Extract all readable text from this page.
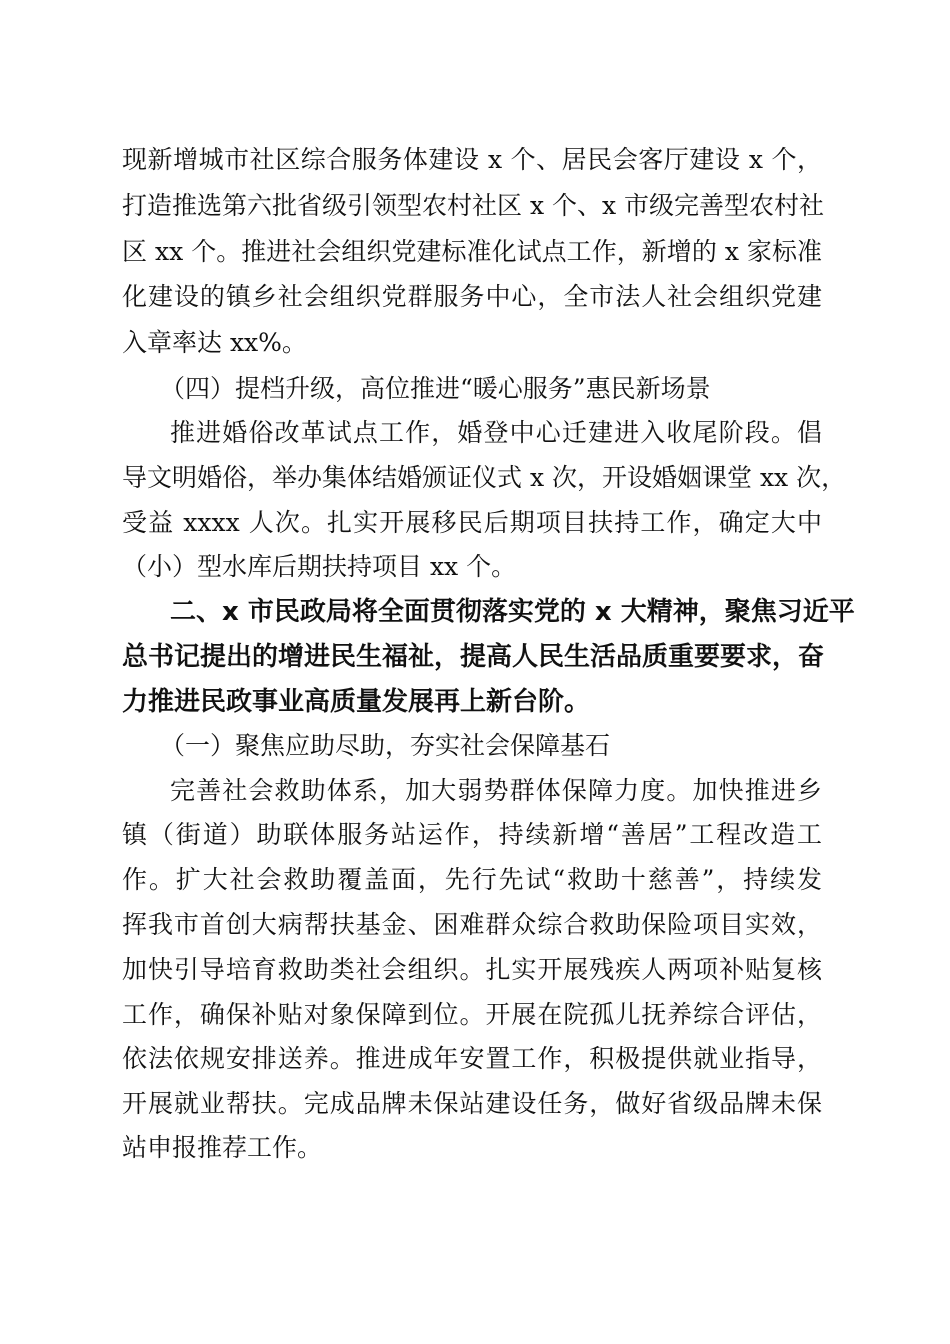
现新增城市社区综合服务体建设 x 个、居民会客厅建设 x 个，
打造推选第六批省级引领型农村社区 x 个、x 市级完善型农村社
区 xx 个。推进社会组织党建标准化试点工作，新增的 x 家标准
化建设的镇乡社会组织党群服务中心，全市法人社会组织党建
入章率达 xx%。
（四）提档升级，高位推进“暖心服务”惠民新场景
推进婚俗改革试点工作，婚登中心迁建进入收尾阶段。倡
导文明婚俗，举办集体结婚颁证仪式 x 次，开设婚姻课堂 xx 次，
受益 xxxx 人次。扎实开展移民后期项目扶持工作，确定大中
（小）型水库后期扶持项目 xx 个。
二、x 市民政局将全面贯彻落实党的 x 大精神，聚焦习近平
总书记提出的增进民生福祉，提高人民生活品质重要要求，奋
力推进民政事业高质量发展再上新台阶。
（一）聚焦应助尽助，夯实社会保障基石
完善社会救助体系，加大弱势群体保障力度。加快推进乡
镇（街道）助联体服务站运作，持续新增“善居”工程改造工
作。扩大社会救助覆盖面，先行先试“救助十慈善”，持续发
挥我市首创大病帮扶基金、困难群众综合救助保险项目实效，
加快引导培育救助类社会组织。扎实开展残疾人两项补贴复核
工作，确保补贴对象保障到位。开展在院孤儿抚养综合评估，
依法依规安排送养。推进成年安置工作，积极提供就业指导，
开展就业帮扶。完成品牌未保站建设任务，做好省级品牌未保
站申报推荐工作。
